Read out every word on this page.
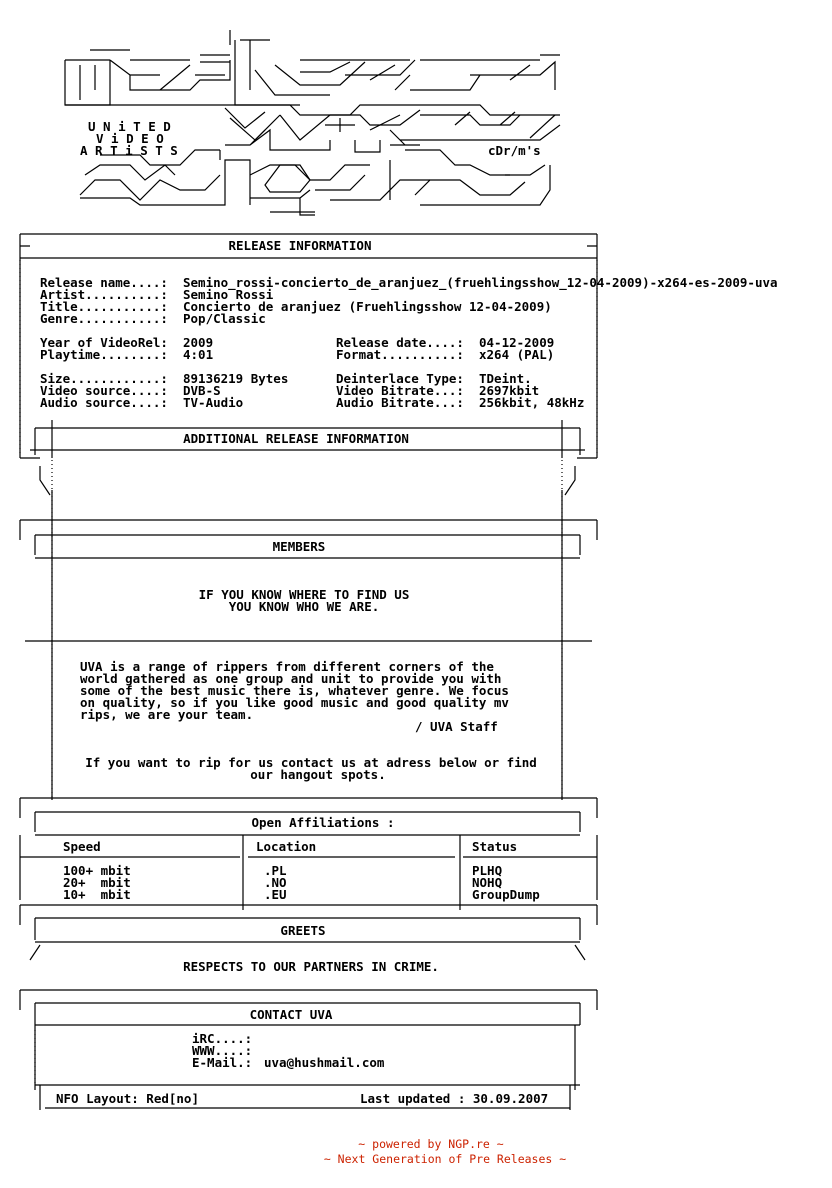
U N i T E D
V i D E O
A R T i S T S	cDr/m's
RELEASE INFORMATION
Release name....: Semino_rossi-concierto_de_aranjuez_(fruehlingsshow_12-04-2009)-x264-es-2009-uva
Artist..........: Semino Rossi
Title...........: Concierto de aranjuez (Fruehlingsshow 12-04-2009)
Genre...........: Pop/Classic
Year of VideoRel: 2009
Playtime........: 4:01
Release date....: 04-12-2009
Format..........: x264 (PAL)
Size............: 89136219 Bytes
Video source....: DVB-S
Audio source....: TV-Audio
Deinterlace Type: TDeint.
Video Bitrate...: 2697kbit
Audio Bitrate...: 256kbit, 48kHz
ADDITIONAL RELEASE INFORMATION
MEMBERS
IF YOU KNOW WHERE TO FIND US
YOU KNOW WHO WE ARE.
UVA is a range of rippers from different corners of the
world gathered as one group and unit to provide you with
some of the best music there is, whatever genre. We focus
on quality, so if you like good music and good quality mv
rips, we are your team.
/ UVA Staff
If you want to rip for us contact us at adress below or find
our hangout spots.
Open Affiliations :
Speed	Location	Status
100+ mbit	.PL	PLHQ
20+  mbit	.NO	NOHQ
10+  mbit	.EU	GroupDump
GREETS
RESPECTS TO OUR PARTNERS IN CRIME.
CONTACT UVA
iRC....:
WWW....:
E-Mail.: uva@hushmail.com
NFO Layout: Red[no]	Last updated : 30.09.2007
~ powered by NGP.re ~
~ Next Generation of Pre Releases ~
